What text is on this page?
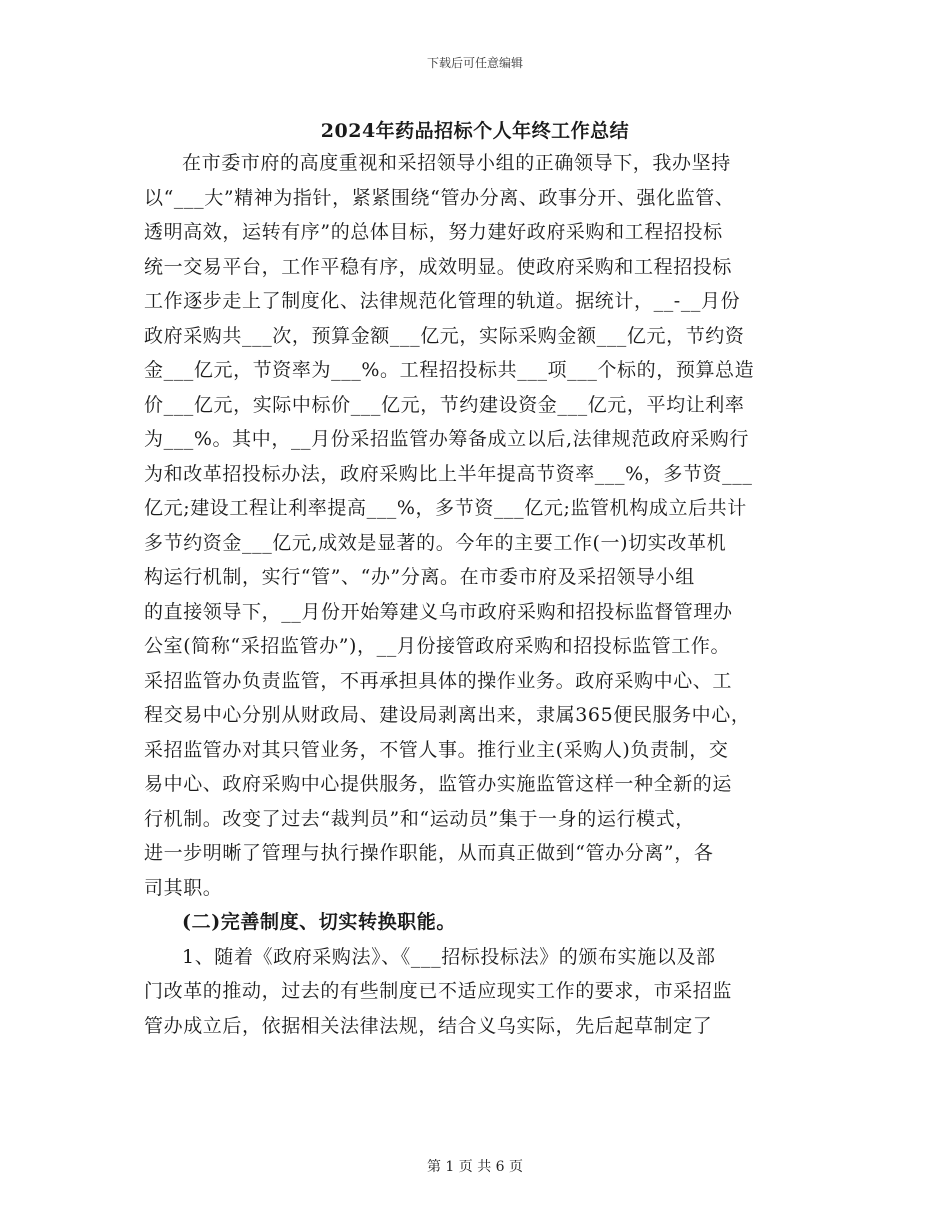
下载后可任意编辑
2024年药品招标个人年终工作总结
在市委市府的高度重视和采招领导小组的正确领导下，我办坚持
以“___大”精神为指针，紧紧围绕“管办分离、政事分开、强化监管、
透明高效，运转有序”的总体目标，努力建好政府采购和工程招投标
统一交易平台，工作平稳有序，成效明显。使政府采购和工程招投标
工作逐步走上了制度化、法律规范化管理的轨道。据统计，__-__月份
政府采购共___次，预算金额___亿元，实际采购金额___亿元，节约资
金___亿元，节资率为___%。工程招投标共___项___个标的，预算总造
价___亿元，实际中标价___亿元，节约建设资金___亿元，平均让利率
为___%。其中，__月份采招监管办筹备成立以后,法律规范政府采购行
为和改革招投标办法，政府采购比上半年提高节资率___%，多节资___
亿元;建设工程让利率提高___%，多节资___亿元;监管机构成立后共计
多节约资金___亿元,成效是显著的。今年的主要工作(一)切实改革机
构运行机制，实行“管”、“办”分离。在市委市府及采招领导小组
的直接领导下，__月份开始筹建义乌市政府采购和招投标监督管理办
公室(简称“采招监管办”)，__月份接管政府采购和招投标监管工作。
采招监管办负责监管，不再承担具体的操作业务。政府采购中心、工
程交易中心分别从财政局、建设局剥离出来，隶属365便民服务中心，
采招监管办对其只管业务，不管人事。推行业主(采购人)负责制，交
易中心、政府采购中心提供服务，监管办实施监管这样一种全新的运
行机制。改变了过去“裁判员”和“运动员”集于一身的运行模式，
进一步明晰了管理与执行操作职能，从而真正做到“管办分离”，各
司其职。
(二)完善制度、切实转换职能。
1、随着《政府采购法》、《___招标投标法》的颁布实施以及部
门改革的推动，过去的有些制度已不适应现实工作的要求，市采招监
管办成立后，依据相关法律法规，结合义乌实际，先后起草制定了
第 1 页 共 6 页
